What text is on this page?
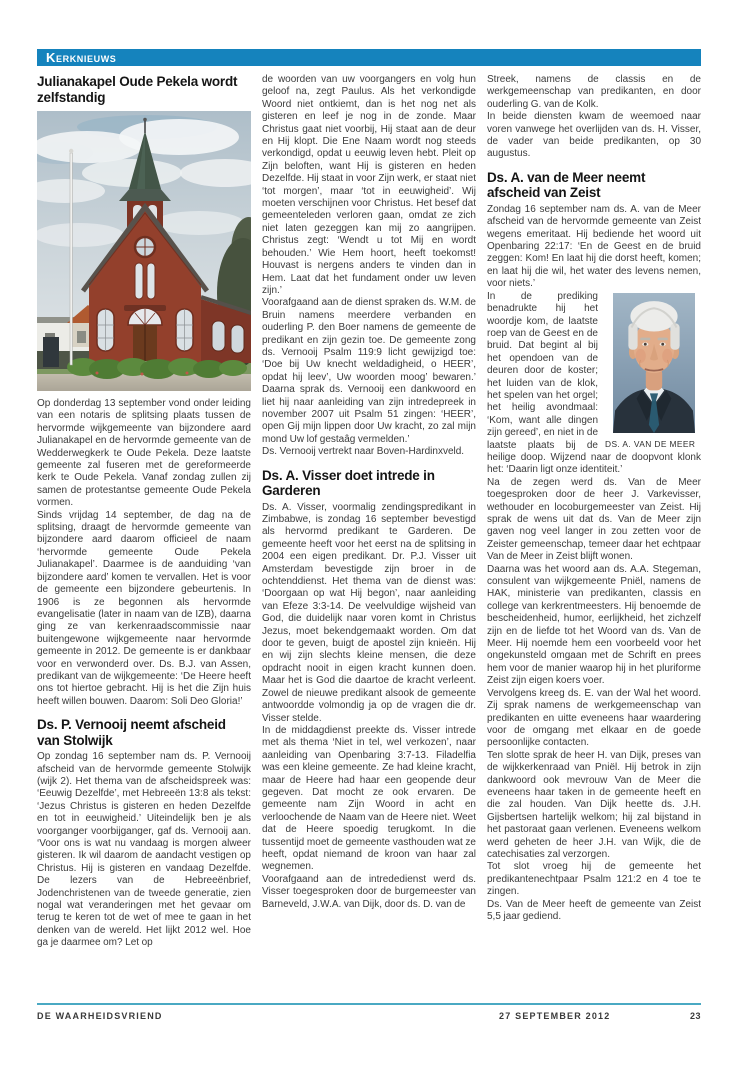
Kerknieuws
Julianakapel Oude Pekela wordt zelfstandig

Op donderdag 13 september vond onder leiding van een notaris de splitsing plaats tussen de hervormde wijkgemeente van bijzondere aard Julianakapel en de hervormde gemeente van de Wedderwegkerk te Oude Pekela. Deze laatste gemeente zal fuseren met de gereformeerde kerk te Oude Pekela. Vanaf zondag zullen zij samen de protestantse gemeente Oude Pekela vormen.

Sinds vrijdag 14 september, de dag na de splitsing, draagt de hervormde gemeente van bijzondere aard daarom officieel de naam ‘hervormde gemeente Oude Pekela Julianakapel’. Daarmee is de aanduiding ‘van bijzondere aard’ komen te vervallen. Het is voor de gemeente een bijzondere gebeurtenis. In 1906 is ze begonnen als hervormde evangelisatie (later in naam van de IZB), daarna ging ze van kerkenraadscommissie naar buitengewone wijkgemeente naar hervormde gemeente in 2012. De gemeente is er dankbaar voor en verwonderd over. Ds. B.J. van Assen, predikant van de wijkgemeente: ‘De Heere heeft ons tot hiertoe gebracht. Hij is het die Zijn huis heeft willen bouwen. Daarom: Soli Deo Gloria!’

Ds. P. Vernooij neemt afscheid van Stolwijk

Op zondag 16 september nam ds. P. Vernooij afscheid van de hervormde gemeente Stolwijk (wijk 2). Het thema van de afscheidspreek was: ‘Eeuwig Dezelfde’, met Hebreeën 13:8 als tekst: ‘Jezus Christus is gisteren en heden Dezelfde en tot in eeuwigheid.’ Uiteindelijk ben je als voorganger voorbijganger, gaf ds. Vernooij aan. ‘Voor ons is wat nu vandaag is morgen alweer gisteren. Ik wil daarom de aandacht vestigen op Christus. Hij is gisteren en vandaag Dezelfde. De lezers van de Hebreeënbrief, Jodenchristenen van de tweede generatie, zien nogal wat veranderingen met het gevaar om terug te keren tot de wet of mee te gaan in het denken van de wereld. Het lijkt 2012 wel. Hoe ga je daarmee om? Let op

de woorden van uw voorgangers en volg hun geloof na, zegt Paulus. Als het verkondigde Woord niet ontkiemt, dan is het nog net als gisteren en leef je nog in de zonde. Maar Christus gaat niet voorbij, Hij staat aan de deur en Hij klopt. Die Ene Naam wordt nog steeds verkondigd, opdat u eeuwig leven hebt. Pleit op Zijn beloften, want Hij is gisteren en heden Dezelfde. Hij staat in voor Zijn werk, er staat niet ‘tot morgen’, maar ‘tot in eeuwigheid’. Wij moeten verschijnen voor Christus. Het besef dat gemeenteleden verloren gaan, omdat ze zich niet laten gezeggen kan mij zo aangrijpen. Christus zegt: ‘Wendt u tot Mij en wordt behouden.’ Wie Hem hoort, heeft toekomst! Houvast is nergens anders te vinden dan in Hem. Laat dat het fundament onder uw leven zijn.’

Voorafgaand aan de dienst spraken ds. W.M. de Bruin namens meerdere verbanden en ouderling P. den Boer namens de gemeente de predikant en zijn gezin toe. De gemeente zong ds. Vernooij Psalm 119:9 licht gewijzigd toe: ‘Doe bij Uw knecht weldadigheid, o HEER’, opdat hij leev’, Uw woorden moog’ bewaren.’ Daarna sprak ds. Vernooij een dankwoord en liet hij naar aanleiding van zijn intredepreek in november 2007 uit Psalm 51 zingen: ‘HEER’, open Gij mijn lippen door Uw kracht, zo zal mijn mond Uw lof gestaâg vermelden.’

Ds. Vernooij vertrekt naar Boven-Hardinxveld.

Ds. A. Visser doet intrede in Garderen

Ds. A. Visser, voormalig zendingspredikant in Zimbabwe, is zondag 16 september bevestigd als hervormd predikant te Garderen. De gemeente heeft voor het eerst na de splitsing in 2004 een eigen predikant. Dr. P.J. Visser uit Amsterdam bevestigde zijn broer in de ochtenddienst. Het thema van de dienst was: ‘Doorgaan op wat Hij begon’, naar aanleiding van Efeze 3:3-14. De veelvuldige wijsheid van God, die duidelijk naar voren komt in Christus Jezus, moet bekendgemaakt worden. Om dat door te geven, buigt de apostel zijn knieën. Hij en wij zijn slechts kleine mensen, die deze opdracht nooit in eigen kracht kunnen doen. Maar het is God die daartoe de kracht verleent. Zowel de nieuwe predikant alsook de gemeente antwoordde volmondig ja op de vragen die dr. Visser stelde.

In de middagdienst preekte ds. Visser intrede met als thema ‘Niet in tel, wel verkozen’, naar aanleiding van Openbaring 3:7-13. Filadelfia was een kleine gemeente. Ze had kleine kracht, maar de Heere had haar een geopende deur gegeven. Dat mocht ze ook ervaren. De gemeente nam Zijn Woord in acht en verloochende de Naam van de Heere niet. Weet dat de Heere spoedig terugkomt. In die tussentijd moet de gemeente vasthouden wat ze heeft, opdat niemand de kroon van haar zal wegnemen.

Voorafgaand aan de intrededienst werd ds. Visser toegesproken door de burgemeester van Barneveld, J.W.A. van Dijk, door ds. D. van de

Streek, namens de classis en de werkgemeenschap van predikanten, en door ouderling G. van de Kolk.

In beide diensten kwam de weemoed naar voren vanwege het overlijden van ds. H. Visser, de vader van beide predikanten, op 30 augustus.

Ds. A. van de Meer neemt afscheid van Zeist

Zondag 16 september nam ds. A. van de Meer afscheid van de hervormde gemeente van Zeist wegens emeritaat. Hij bediende het woord uit Openbaring 22:17: ‘En de Geest en de bruid zeggen: Kom! En laat hij die dorst heeft, komen; en laat hij die wil, het water des levens nemen, voor niets.’

DS. A. VAN DE MEER

In de prediking benadrukte hij het woordje kom, de laatste roep van de Geest en de bruid. Dat begint al bij het opendoen van de deuren door de koster; het luiden van de klok, het spelen van het orgel; het heilig avondmaal: ‘Kom, want alle dingen zijn gereed’, en niet in de laatste plaats bij de heilige doop. Wijzend naar de doopvont klonk het: ‘Daarin ligt onze identiteit.’

Na de zegen werd ds. Van de Meer toegesproken door de heer J. Varkevisser, wethouder en locoburgemeester van Zeist. Hij sprak de wens uit dat ds. Van de Meer zijn gaven nog veel langer in zou zetten voor de Zeister gemeenschap, temeer daar het echtpaar Van de Meer in Zeist blijft wonen.

Daarna was het woord aan ds. A.A. Stegeman, consulent van wijkgemeente Pniël, namens de HAK, ministerie van predikanten, classis en college van kerkrentmeesters. Hij benoemde de bescheidenheid, humor, eerlijkheid, het zichzelf zijn en de liefde tot het Woord van ds. Van de Meer. Hij noemde hem een voorbeeld voor het ongekunsteld omgaan met de Schrift en prees hem voor de manier waarop hij in het pluriforme Zeist zijn eigen koers voer.

Vervolgens kreeg ds. E. van der Wal het woord. Zij sprak namens de werkgemeenschap van predikanten en uitte eveneens haar waardering voor de omgang met elkaar en de goede persoonlijke contacten.

Ten slotte sprak de heer H. van Dijk, preses van de wijkkerkenraad van Pniël. Hij betrok in zijn dankwoord ook mevrouw Van de Meer die eveneens haar taken in de gemeente heeft en die zal houden. Van Dijk heette ds. J.H. Gijsbertsen hartelijk welkom; hij zal bijstand in het pastoraat gaan verlenen. Eveneens welkom werd geheten de heer J.H. van Wijk, die de catechisaties zal verzorgen.

Tot slot vroeg hij de gemeente het predikantenechtpaar Psalm 121:2 en 4 toe te zingen.

Ds. Van de Meer heeft de gemeente van Zeist 5,5 jaar gediend.

DE WAARHEIDSVRIEND	27 SEPTEMBER 2012	23
